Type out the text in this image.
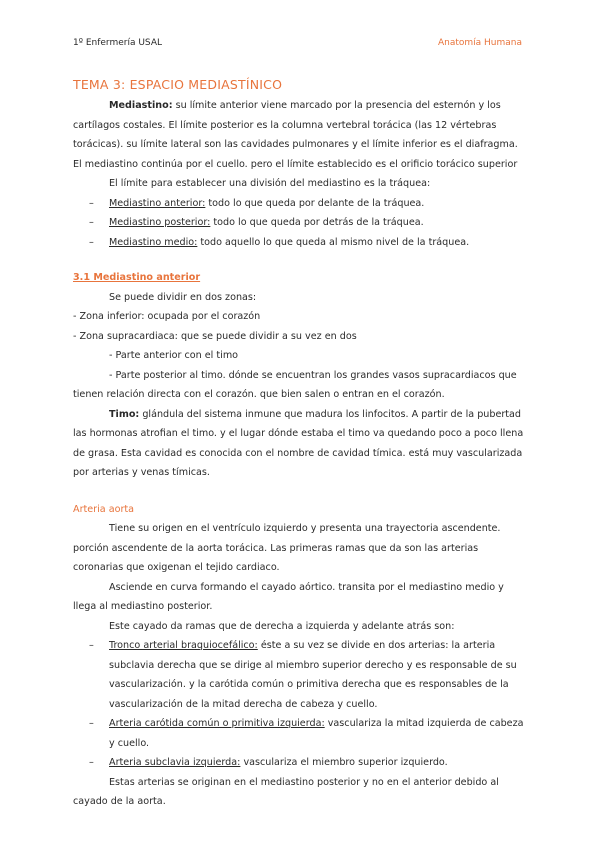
1º Enfermería USAL	Anatomía Humana
TEMA 3: ESPACIO MEDIASTÍNICO

Mediastino: su límite anterior viene marcado por la presencia del esternón y los cartílagos costales. El límite posterior es la columna vertebral torácica (las 12 vértebras torácicas). su límite lateral son las cavidades pulmonares y el límite inferior es el diafragma. El mediastino continúa por el cuello. pero el límite establecido es el orificio torácico superior

El límite para establecer una división del mediastino es la tráquea:

– Mediastino anterior: todo lo que queda por delante de la tráquea.
– Mediastino posterior: todo lo que queda por detrás de la tráquea.
– Mediastino medio: todo aquello lo que queda al mismo nivel de la tráquea.
3.1 Mediastino anterior

Se puede dividir en dos zonas:

- Zona inferior: ocupada por el corazón

- Zona supracardiaca: que se puede dividir a su vez en dos

- Parte anterior con el timo

- Parte posterior al timo. dónde se encuentran los grandes vasos supracardiacos que tienen relación directa con el corazón. que bien salen o entran en el corazón.

Timo: glándula del sistema inmune que madura los linfocitos. A partir de la pubertad las hormonas atrofian el timo. y el lugar dónde estaba el timo va quedando poco a poco llena de grasa. Esta cavidad es conocida con el nombre de cavidad tímica. está muy vascularizada por arterias y venas tímicas.

Arteria aorta

Tiene su origen en el ventrículo izquierdo y presenta una trayectoria ascendente. porción ascendente de la aorta torácica. Las primeras ramas que da son las arterias coronarias que oxigenan el tejido cardiaco.

Asciende en curva formando el cayado aórtico. transita por el mediastino medio y llega al mediastino posterior.

Este cayado da ramas que de derecha a izquierda y adelante atrás son:

– Tronco arterial braquiocefálico: éste a su vez se divide en dos arterias: la arteria subclavia derecha que se dirige al miembro superior derecho y es responsable de su vascularización. y la carótida común o primitiva derecha que es responsables de la vascularización de la mitad derecha de cabeza y cuello.
– Arteria carótida común o primitiva izquierda: vasculariza la mitad izquierda de cabeza y cuello.
– Arteria subclavia izquierda: vasculariza el miembro superior izquierdo.

Estas arterias se originan en el mediastino posterior y no en el anterior debido al cayado de la aorta.
